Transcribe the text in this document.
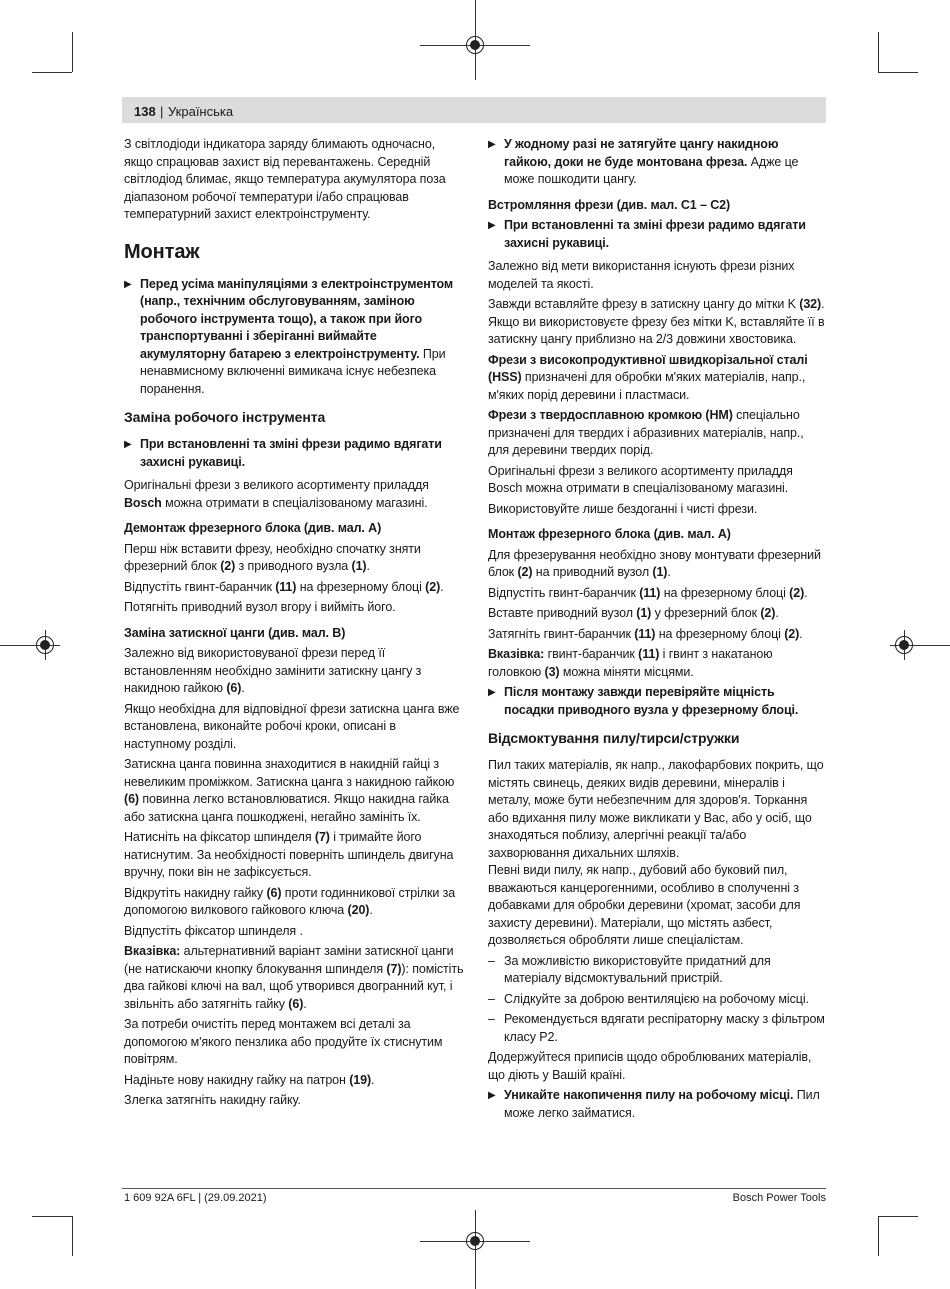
138 | Українська

З світлодіоди індикатора заряду блимають одночасно, якщо спрацював захист від перевантажень. Середній світлодіод блимає, якщо температура акумулятора поза діапазоном робочої температури і/або спрацював температурний захист електроінструменту.

Монтаж
▶ Перед усіма маніпуляціями з електроінструментом (напр., технічним обслуговуванням, заміною робочого інструмента тощо), а також при його транспортуванні і зберіганні виймайте акумуляторну батарею з електроінструменту. При ненавмисному включенні вимикача існує небезпека поранення.
Заміна робочого інструмента
▶ При встановленні та зміні фрези радимо вдягати захисні рукавиці.

Оригінальні фрези з великого асортименту приладдя Bosch можна отримати в спеціалізованому магазині.

Демонтаж фрезерного блока (див. мал. A)

Перш ніж вставити фрезу, необхідно спочатку зняти фрезерний блок (2) з приводного вузла (1).

Відпустіть гвинт-баранчик (11) на фрезерному блоці (2).

Потягніть приводний вузол вгору і вийміть його.

Заміна затискної цанги (див. мал. B)

Залежно від використовуваної фрези перед її встановленням необхідно замінити затискну цангу з накидною гайкою (6).

Якщо необхідна для відповідної фрези затискна цанга вже встановлена, виконайте робочі кроки, описані в наступному розділі.

Затискна цанга повинна знаходитися в накидній гайці з невеликим проміжком. Затискна цанга з накидною гайкою (6) повинна легко встановлюватися. Якщо накидна гайка або затискна цанга пошкоджені, негайно замініть їх.

Натисніть на фіксатор шпинделя (7) і тримайте його натиснутим. За необхідності поверніть шпиндель двигуна вручну, поки він не зафіксується.

Відкрутіть накидну гайку (6) проти годинникової стрілки за допомогою вилкового гайкового ключа (20).

Відпустіть фіксатор шпинделя .

Вказівка: альтернативний варіант заміни затискної цанги (не натискаючи кнопку блокування шпинделя (7)): помістіть два гайкові ключі на вал, щоб утворився двогранний кут, і звільніть або затягніть гайку (6).

За потреби очистіть перед монтажем всі деталі за допомогою м'якого пензлика або продуйте їх стиснутим повітрям.

Надіньте нову накидну гайку на патрон (19).

Злегка затягніть накидну гайку.

▶ У жодному разі не затягуйте цангу накидною гайкою, доки не буде монтована фреза. Адже це може пошкодити цангу.
Встромляння фрези (див. мал. C1 – C2)
▶ При встановленні та зміні фрези радимо вдягати захисні рукавиці.

Залежно від мети використання існують фрези різних моделей та якості.

Завжди вставляйте фрезу в затискну цангу до мітки K (32). Якщо ви використовуєте фрезу без мітки K, вставляйте її в затискну цангу приблизно на 2/3 довжини хвостовика.

Фрези з високопродуктивної швидкорізальної сталі (HSS) призначені для обробки м'яких матеріалів, напр., м'яких порід деревини і пластмаси.

Фрези з твердосплавною кромкою (HM) спеціально призначені для твердих і абразивних матеріалів, напр., для деревини твердих порід.

Оригінальні фрези з великого асортименту приладдя Bosch можна отримати в спеціалізованому магазині.

Використовуйте лише бездоганні і чисті фрези.

Монтаж фрезерного блока (див. мал. A)

Для фрезерування необхідно знову монтувати фрезерний блок (2) на приводний вузол (1).

Відпустіть гвинт-баранчик (11) на фрезерному блоці (2).

Вставте приводний вузол (1) у фрезерний блок (2).

Затягніть гвинт-баранчик (11) на фрезерному блоці (2).

Вказівка: гвинт-баранчик (11) і гвинт з накатаною головкою (3) можна міняти місцями.

▶ Після монтажу завжди перевіряйте міцність посадки приводного вузла у фрезерному блоці.
Відсмоктування пилу/тирси/стружки

Пил таких матеріалів, як напр., лакофарбових покрить, що містять свинець, деяких видів деревини, мінералів і металу, може бути небезпечним для здоров'я. Торкання або вдихання пилу може викликати у Вас, або у осіб, що знаходяться поблизу, алергічні реакції та/або захворювання дихальних шляхів.

Певні види пилу, як напр., дубовий або буковий пил, вважаються канцерогенними, особливо в сполученні з добавками для обробки деревини (хромат, засоби для захисту деревини). Матеріали, що містять азбест, дозволяється обробляти лише спеціалістам.

– За можливістю використовуйте придатний для матеріалу відсмоктувальний пристрій.
– Слідкуйте за доброю вентиляцією на робочому місці.
– Рекомендується вдягати респіраторну маску з фільтром класу P2.

Додержуйтеся приписів щодо оброблюваних матеріалів, що діють у Вашій країні.

▶ Уникайте накопичення пилу на робочому місці. Пил може легко займатися.
1 609 92A 6FL | (29.09.2021)	Bosch Power Tools
